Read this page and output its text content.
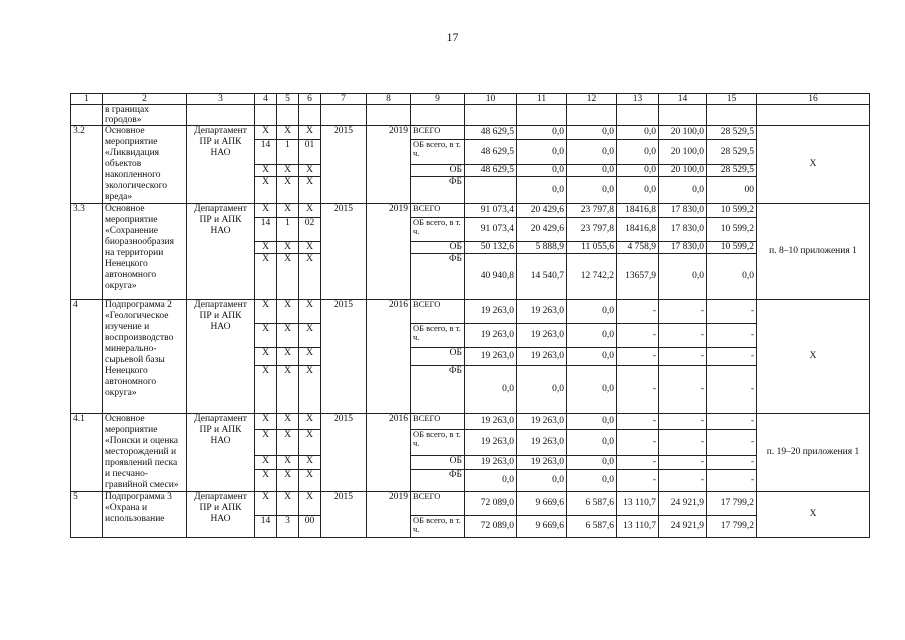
17
1	2	3	4	5	6	7	8	9	10	11	12	13	14	15	16
	в границах городов»														
3.2	Основное мероприятие «Ликвидация объектов накопленного экологического вреда»	Департамент ПР и АПК НАО	Х	Х	Х	2015	2019	ВСЕГО	48 629,5	0,0	0,0	0,0	20 100,0	28 529,5	Х
			14	1	01			ОБ всего, в т. ч.	48 629,5	0,0	0,0	0,0	20 100,0	28 529,5	
			Х	Х	Х			ОБ	48 629,5	0,0	0,0	0,0	20 100,0	28 529,5	
			Х	Х	Х			ФБ		0,0	0,0	0,0	0,0	00	
3.3	Основное мероприятие «Сохранение биоразнообразия на территории Ненецкого автономного округа»	Департамент ПР и АПК НАО	Х	Х	Х	2015	2019	ВСЕГО	91 073,4	20 429,6	23 797,8	18416,8	17 830,0	10 599,2	п. 8–10 приложения 1
			14	1	02			ОБ всего, в т. ч.	91 073,4	20 429,6	23 797,8	18416,8	17 830,0	10 599,2	
			Х	Х	Х			ОБ	50 132,6	5 888,9	11 055,6	4 758,9	17 830,0	10 599,2	
			Х	Х	Х			ФБ	40 940,8	14 540,7	12 742,2	13657,9	0,0	0,0	
4	Подпрограмма 2 «Геологическое изучение и воспроизводство минерально-сырьевой базы Ненецкого автономного округа»	Департамент ПР и АПК НАО	Х	Х	Х	2015	2016	ВСЕГО	19 263,0	19 263,0	0,0	-	-	-	Х
			Х	Х	Х			ОБ всего, в т. ч.	19 263,0	19 263,0	0,0	-	-	-	
			Х	Х	Х			ОБ	19 263,0	19 263,0	0,0	-	-	-	
			Х	Х	Х			ФБ	0,0	0,0	0,0	-	-	-	
4.1	Основное мероприятие «Поиски и оценка месторождений и проявлений песка и песчано-гравийной смеси»	Департамент ПР и АПК НАО	Х	Х	Х	2015	2016	ВСЕГО	19 263,0	19 263,0	0,0	-	-	-	п. 19–20 приложения 1
			Х	Х	Х			ОБ всего, в т. ч.	19 263,0	19 263,0	0,0	-	-	-	
			Х	Х	Х			ОБ	19 263,0	19 263,0	0,0	-	-	-	
			Х	Х	Х			ФБ	0,0	0,0	0,0	-	-	-	
5	Подпрограмма 3 «Охрана и использование	Департамент ПР и АПК НАО	Х	Х	Х	2015	2019	ВСЕГО	72 089,0	9 669,6	6 587,6	13 110,7	24 921,9	17 799,2	Х
			14	3	00			ОБ всего, в т. ч.	72 089,0	9 669,6	6 587,6	13 110,7	24 921,9	17 799,2	
